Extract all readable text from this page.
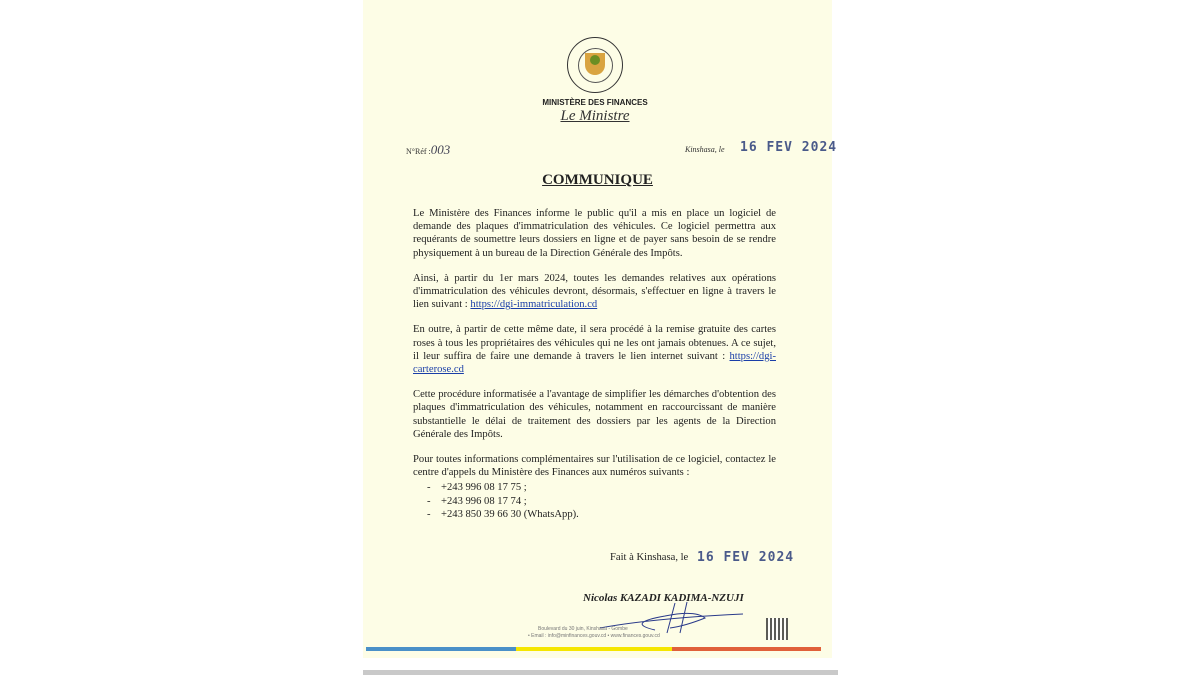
MINISTÈRE DES FINANCES
Le Ministre
N°Réf :003	Kinshasa, le 16 FEV 2024
COMMUNIQUE

Le Ministère des Finances informe le public qu'il a mis en place un logiciel de demande des plaques d'immatriculation des véhicules. Ce logiciel permettra aux requérants de soumettre leurs dossiers en ligne et de payer sans besoin de se rendre physiquement à un bureau de la Direction Générale des Impôts.

Ainsi, à partir du 1er mars 2024, toutes les demandes relatives aux opérations d'immatriculation des véhicules devront, désormais, s'effectuer en ligne à travers le lien suivant : https://dgi-immatriculation.cd

En outre, à partir de cette même date, il sera procédé à la remise gratuite des cartes roses à tous les propriétaires des véhicules qui ne les ont jamais obtenues. A ce sujet, il leur suffira de faire une demande à travers le lien internet suivant : https://dgi-carterose.cd

Cette procédure informatisée a l'avantage de simplifier les démarches d'obtention des plaques d'immatriculation des véhicules, notamment en raccourcissant de manière substantielle le délai de traitement des dossiers par les agents de la Direction Générale des Impôts.

Pour toutes informations complémentaires sur l'utilisation de ce logiciel, contactez le centre d'appels du Ministère des Finances aux numéros suivants :

- +243 996 08 17 75 ;
- +243 996 08 17 74 ;
- +243 850 39 66 30 (WhatsApp).
Fait à Kinshasa, le 16 FEV 2024
Nicolas KAZADI KADIMA-NZUJI
Boulevard du 30 juin, Kinshasa - Gombe
• Email : info@minfinances.gouv.cd • www.finances.gouv.cd
